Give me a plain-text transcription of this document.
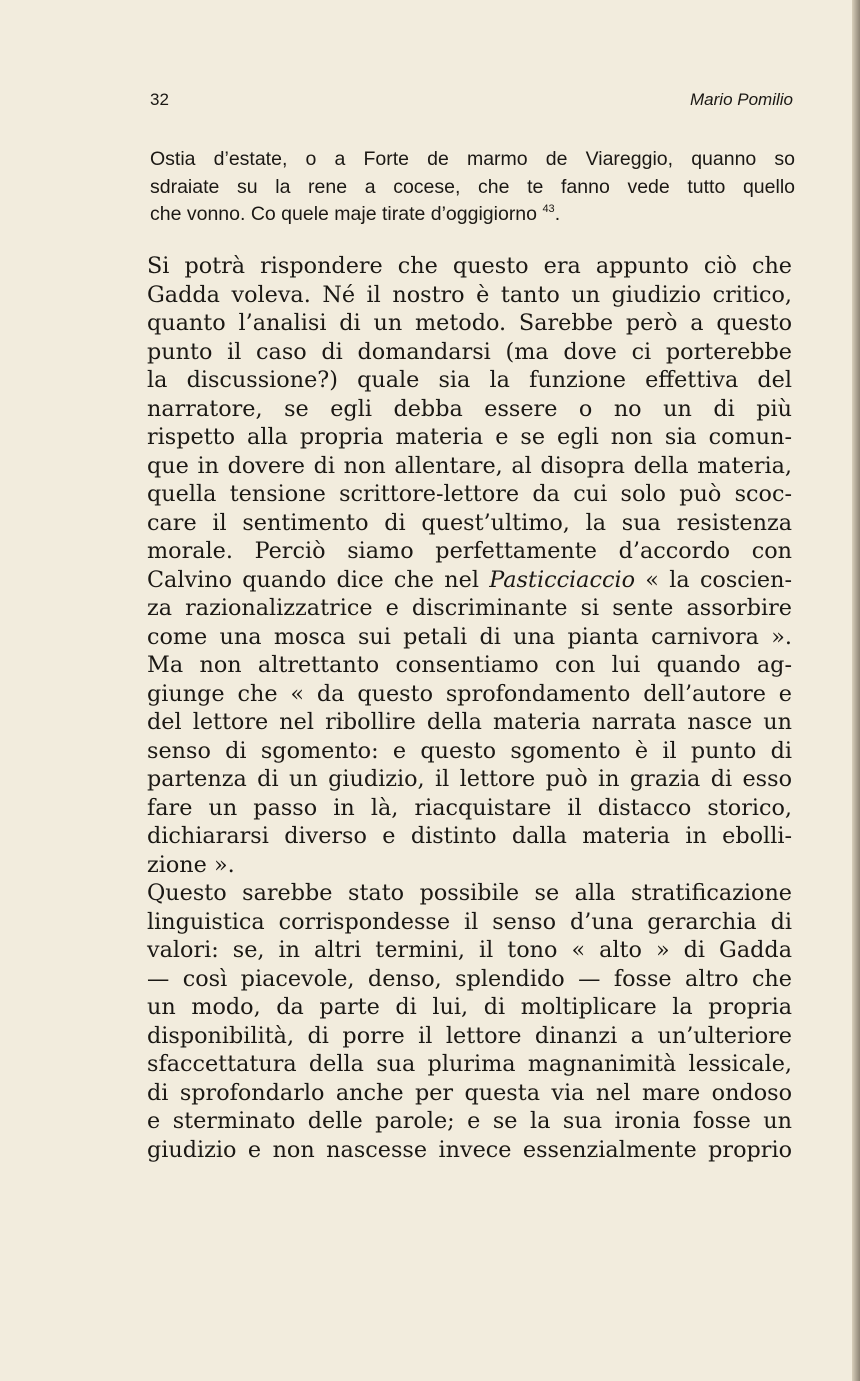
32	Mario Pomilio
Ostia d’estate, o a Forte de marmo de Viareggio, quanno so
sdraiate su la rene a cocese, che te fanno vede tutto quello
che vonno. Co quele maje tirate d’oggigiorno $^{43}$.
Si potrà rispondere che questo era appunto ciò che
Gadda voleva. Né il nostro è tanto un giudizio critico,
quanto l’analisi di un metodo. Sarebbe però a questo
punto il caso di domandarsi (ma dove ci porterebbe
la discussione?) quale sia la funzione effettiva del
narratore, se egli debba essere o no un di più
rispetto alla propria materia e se egli non sia comun-
que in dovere di non allentare, al disopra della materia,
quella tensione scrittore-lettore da cui solo può scoc-
care il sentimento di quest’ultimo, la sua resistenza
morale. Perciò siamo perfettamente d’accordo con
Calvino quando dice che nel Pasticciaccio « la coscien-
za razionalizzatrice e discriminante si sente assorbire
come una mosca sui petali di una pianta carnivora ».
Ma non altrettanto consentiamo con lui quando ag-
giunge che « da questo sprofondamento dell’autore e
del lettore nel ribollire della materia narrata nasce un
senso di sgomento: e questo sgomento è il punto di
partenza di un giudizio, il lettore può in grazia di esso
fare un passo in là, riacquistare il distacco storico,
dichiararsi diverso e distinto dalla materia in ebolli-
zione ».
Questo sarebbe stato possibile se alla stratificazione
linguistica corrispondesse il senso d’una gerarchia di
valori: se, in altri termini, il tono « alto » di Gadda
— così piacevole, denso, splendido — fosse altro che
un modo, da parte di lui, di moltiplicare la propria
disponibilità, di porre il lettore dinanzi a un’ulteriore
sfaccettatura della sua plurima magnanimità lessicale,
di sprofondarlo anche per questa via nel mare ondoso
e sterminato delle parole; e se la sua ironia fosse un
giudizio e non nascesse invece essenzialmente proprio
